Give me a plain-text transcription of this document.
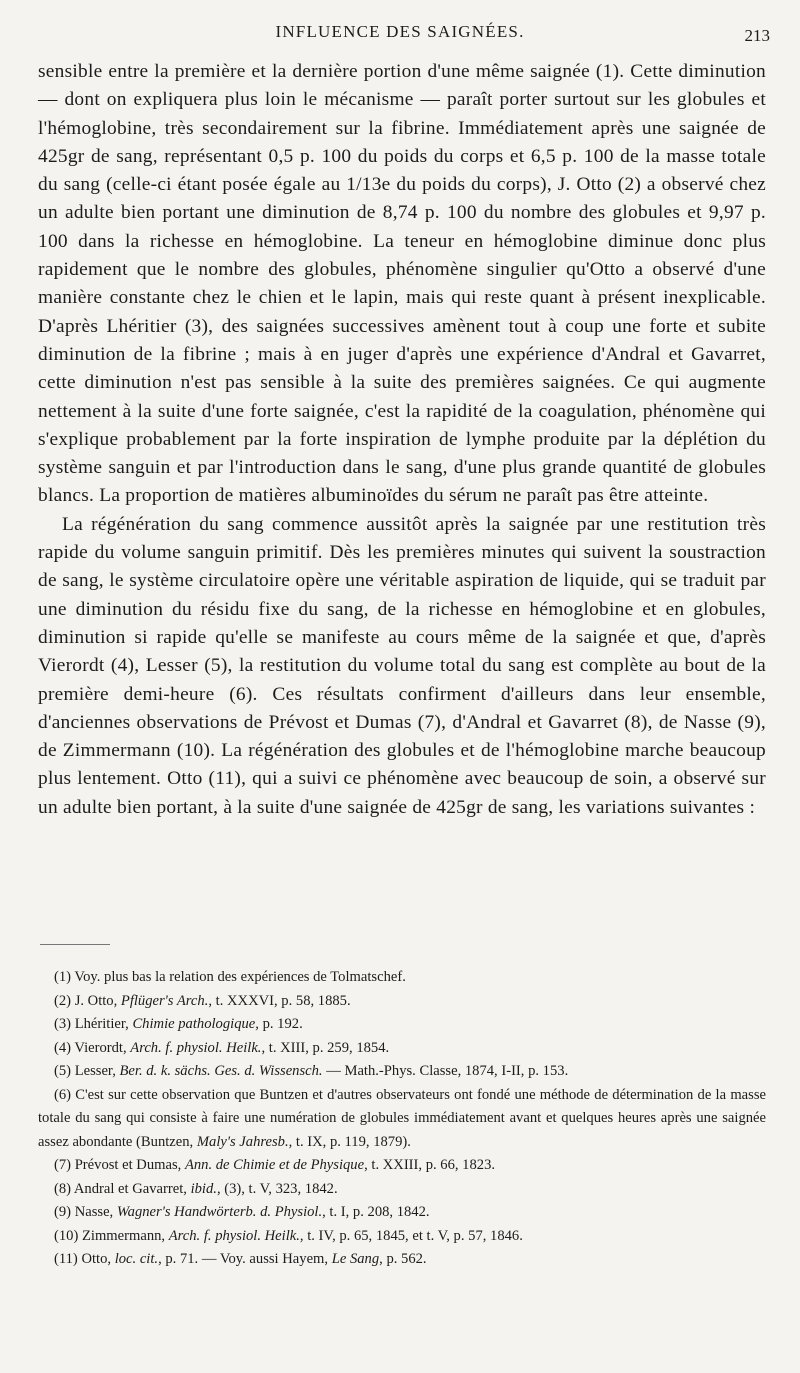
INFLUENCE DES SAIGNÉES.	213

sensible entre la première et la dernière portion d'une même saignée (1). Cette diminution — dont on expliquera plus loin le mécanisme — paraît porter surtout sur les globules et l'hémoglobine, très secondairement sur la fibrine. Immédiatement après une saignée de 425gr de sang, représentant 0,5 p. 100 du poids du corps et 6,5 p. 100 de la masse totale du sang (celle-ci étant posée égale au 1/13e du poids du corps), J. Otto (2) a observé chez un adulte bien portant une diminution de 8,74 p. 100 du nombre des globules et 9,97 p. 100 dans la richesse en hémoglobine. La teneur en hémoglobine diminue donc plus rapidement que le nombre des globules, phénomène singulier qu'Otto a observé d'une manière constante chez le chien et le lapin, mais qui reste quant à présent inexplicable. D'après Lhéritier (3), des saignées successives amènent tout à coup une forte et subite diminution de la fibrine ; mais à en juger d'après une expérience d'Andral et Gavarret, cette diminution n'est pas sensible à la suite des premières saignées. Ce qui augmente nettement à la suite d'une forte saignée, c'est la rapidité de la coagulation, phénomène qui s'explique probablement par la forte inspiration de lymphe produite par la déplétion du système sanguin et par l'introduction dans le sang, d'une plus grande quantité de globules blancs. La proportion de matières albuminoïdes du sérum ne paraît pas être atteinte.

La régénération du sang commence aussitôt après la saignée par une restitution très rapide du volume sanguin primitif. Dès les premières minutes qui suivent la soustraction de sang, le système circulatoire opère une véritable aspiration de liquide, qui se traduit par une diminution du résidu fixe du sang, de la richesse en hémoglobine et en globules, diminution si rapide qu'elle se manifeste au cours même de la saignée et que, d'après Vierordt (4), Lesser (5), la restitution du volume total du sang est complète au bout de la première demi-heure (6). Ces résultats confirment d'ailleurs dans leur ensemble, d'anciennes observations de Prévost et Dumas (7), d'Andral et Gavarret (8), de Nasse (9), de Zimmermann (10). La régénération des globules et de l'hémoglobine marche beaucoup plus lentement. Otto (11), qui a suivi ce phénomène avec beaucoup de soin, a observé sur un adulte bien portant, à la suite d'une saignée de 425gr de sang, les variations suivantes :

(1) Voy. plus bas la relation des expériences de Tolmatschef.

(2) J. Otto, Pflüger's Arch., t. XXXVI, p. 58, 1885.

(3) Lhéritier, Chimie pathologique, p. 192.

(4) Vierordt, Arch. f. physiol. Heilk., t. XIII, p. 259, 1854.

(5) Lesser, Ber. d. k. sächs. Ges. d. Wissensch. — Math.-Phys. Classe, 1874, I-II, p. 153.

(6) C'est sur cette observation que Buntzen et d'autres observateurs ont fondé une méthode de détermination de la masse totale du sang qui consiste à faire une numération de globules immédiatement avant et quelques heures après une saignée assez abondante (Buntzen, Maly's Jahresb., t. IX, p. 119, 1879).

(7) Prévost et Dumas, Ann. de Chimie et de Physique, t. XXIII, p. 66, 1823.

(8) Andral et Gavarret, ibid., (3), t. V, 323, 1842.

(9) Nasse, Wagner's Handwörterb. d. Physiol., t. I, p. 208, 1842.

(10) Zimmermann, Arch. f. physiol. Heilk., t. IV, p. 65, 1845, et t. V, p. 57, 1846.

(11) Otto, loc. cit., p. 71. — Voy. aussi Hayem, Le Sang, p. 562.
